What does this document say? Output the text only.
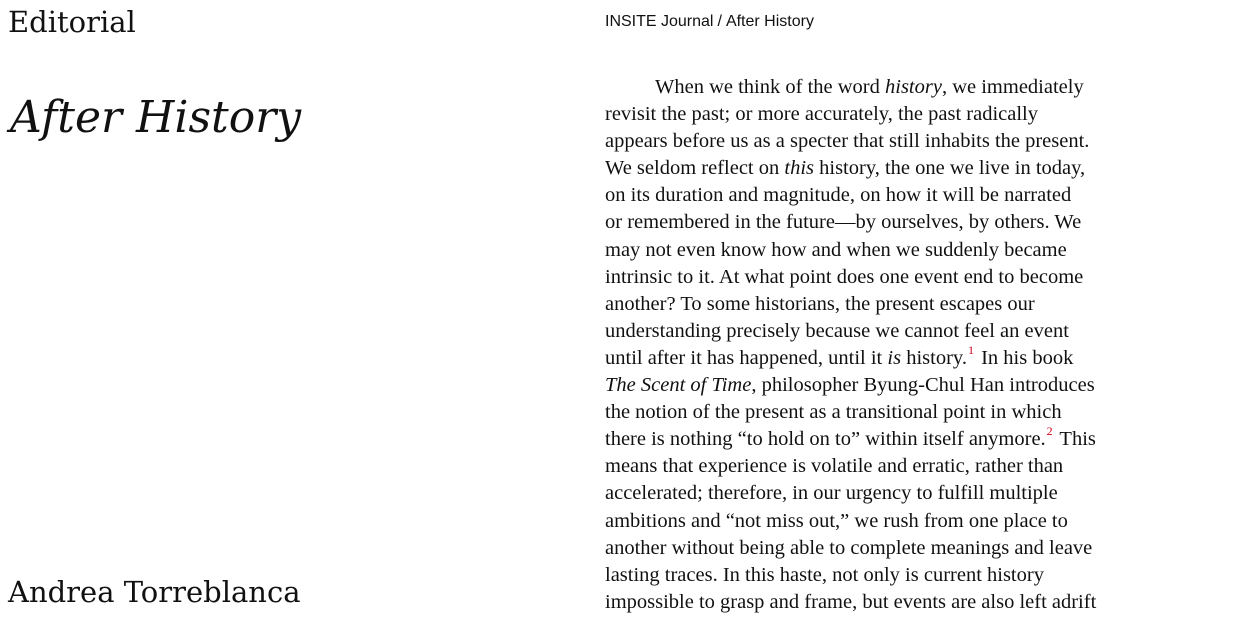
Editorial
After History
Andrea Torreblanca
INSITE Journal / After History
When we think of the word history, we immediately
revisit the past; or more accurately, the past radically
appears before us as a specter that still inhabits the present.
We seldom reflect on this history, the one we live in today,
on its duration and magnitude, on how it will be narrated
or remembered in the future—by ourselves, by others. We
may not even know how and when we suddenly became
intrinsic to it. At what point does one event end to become
another? To some historians, the present escapes our
understanding precisely because we cannot feel an event
until after it has happened, until it is history.$^1$ In his book
The Scent of Time, philosopher Byung-Chul Han introduces
the notion of the present as a transitional point in which
there is nothing “to hold on to” within itself anymore.$^2$ This
means that experience is volatile and erratic, rather than
accelerated; therefore, in our urgency to fulfill multiple
ambitions and “not miss out,” we rush from one place to
another without being able to complete meanings and leave
lasting traces. In this haste, not only is current history
impossible to grasp and frame, but events are also left adrift
